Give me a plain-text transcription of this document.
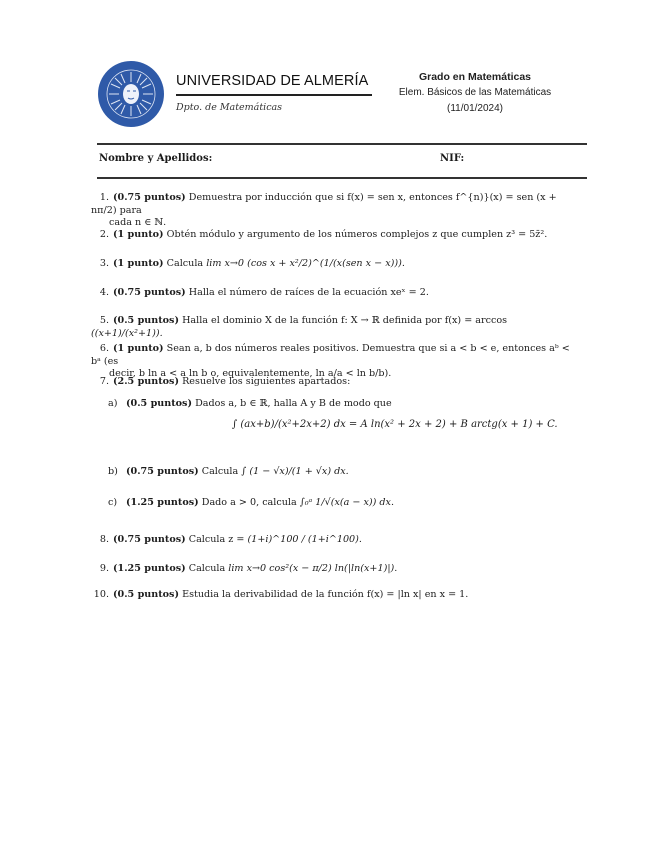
UNIVERSIDAD DE ALMERÍA
Dpto. de Matemáticas
Grado en Matemáticas
Elem. Básicos de las Matemáticas
(11/01/2024)
Nombre y Apellidos:	NIF:
1. (0.75 puntos) Demuestra por inducción que si f(x) = sen x, entonces f^{n)}(x) = sen (x + nπ/2) para
cada n ∈ ℕ.
2. (1 punto) Obtén módulo y argumento de los números complejos z que cumplen z³ = 5z̄².
3. (1 punto) Calcula lim x→0 (cos x + x²/2)^(1/(x(sen x − x))).
4. (0.75 puntos) Halla el número de raíces de la ecuación xeˣ = 2.
5. (0.5 puntos) Halla el dominio X de la función f: X → ℝ definida por f(x) = arccos ((x+1)/(x²+1)).
6. (1 punto) Sean a, b dos números reales positivos. Demuestra que si a < b < e, entonces aᵇ < bᵃ (es
decir, b ln a < a ln b o, equivalentemente, ln a/a < ln b/b).
7. (2.5 puntos) Resuelve los siguientes apartados:
a) (0.5 puntos) Dados a, b ∈ ℝ, halla A y B de modo que
∫ (ax+b)/(x²+2x+2) dx = A ln(x² + 2x + 2) + B arctg(x + 1) + C.
b) (0.75 puntos) Calcula ∫ (1 − √x)/(1 + √x) dx.
c) (1.25 puntos) Dado a > 0, calcula ∫₀ᵃ 1/√(x(a − x)) dx.
8. (0.75 puntos) Calcula z = (1+i)^100 / (1+i^100).
9. (1.25 puntos) Calcula lim x→0 cos²(x − π/2) ln(|ln(x+1)|).
10. (0.5 puntos) Estudia la derivabilidad de la función f(x) = |ln x| en x = 1.
